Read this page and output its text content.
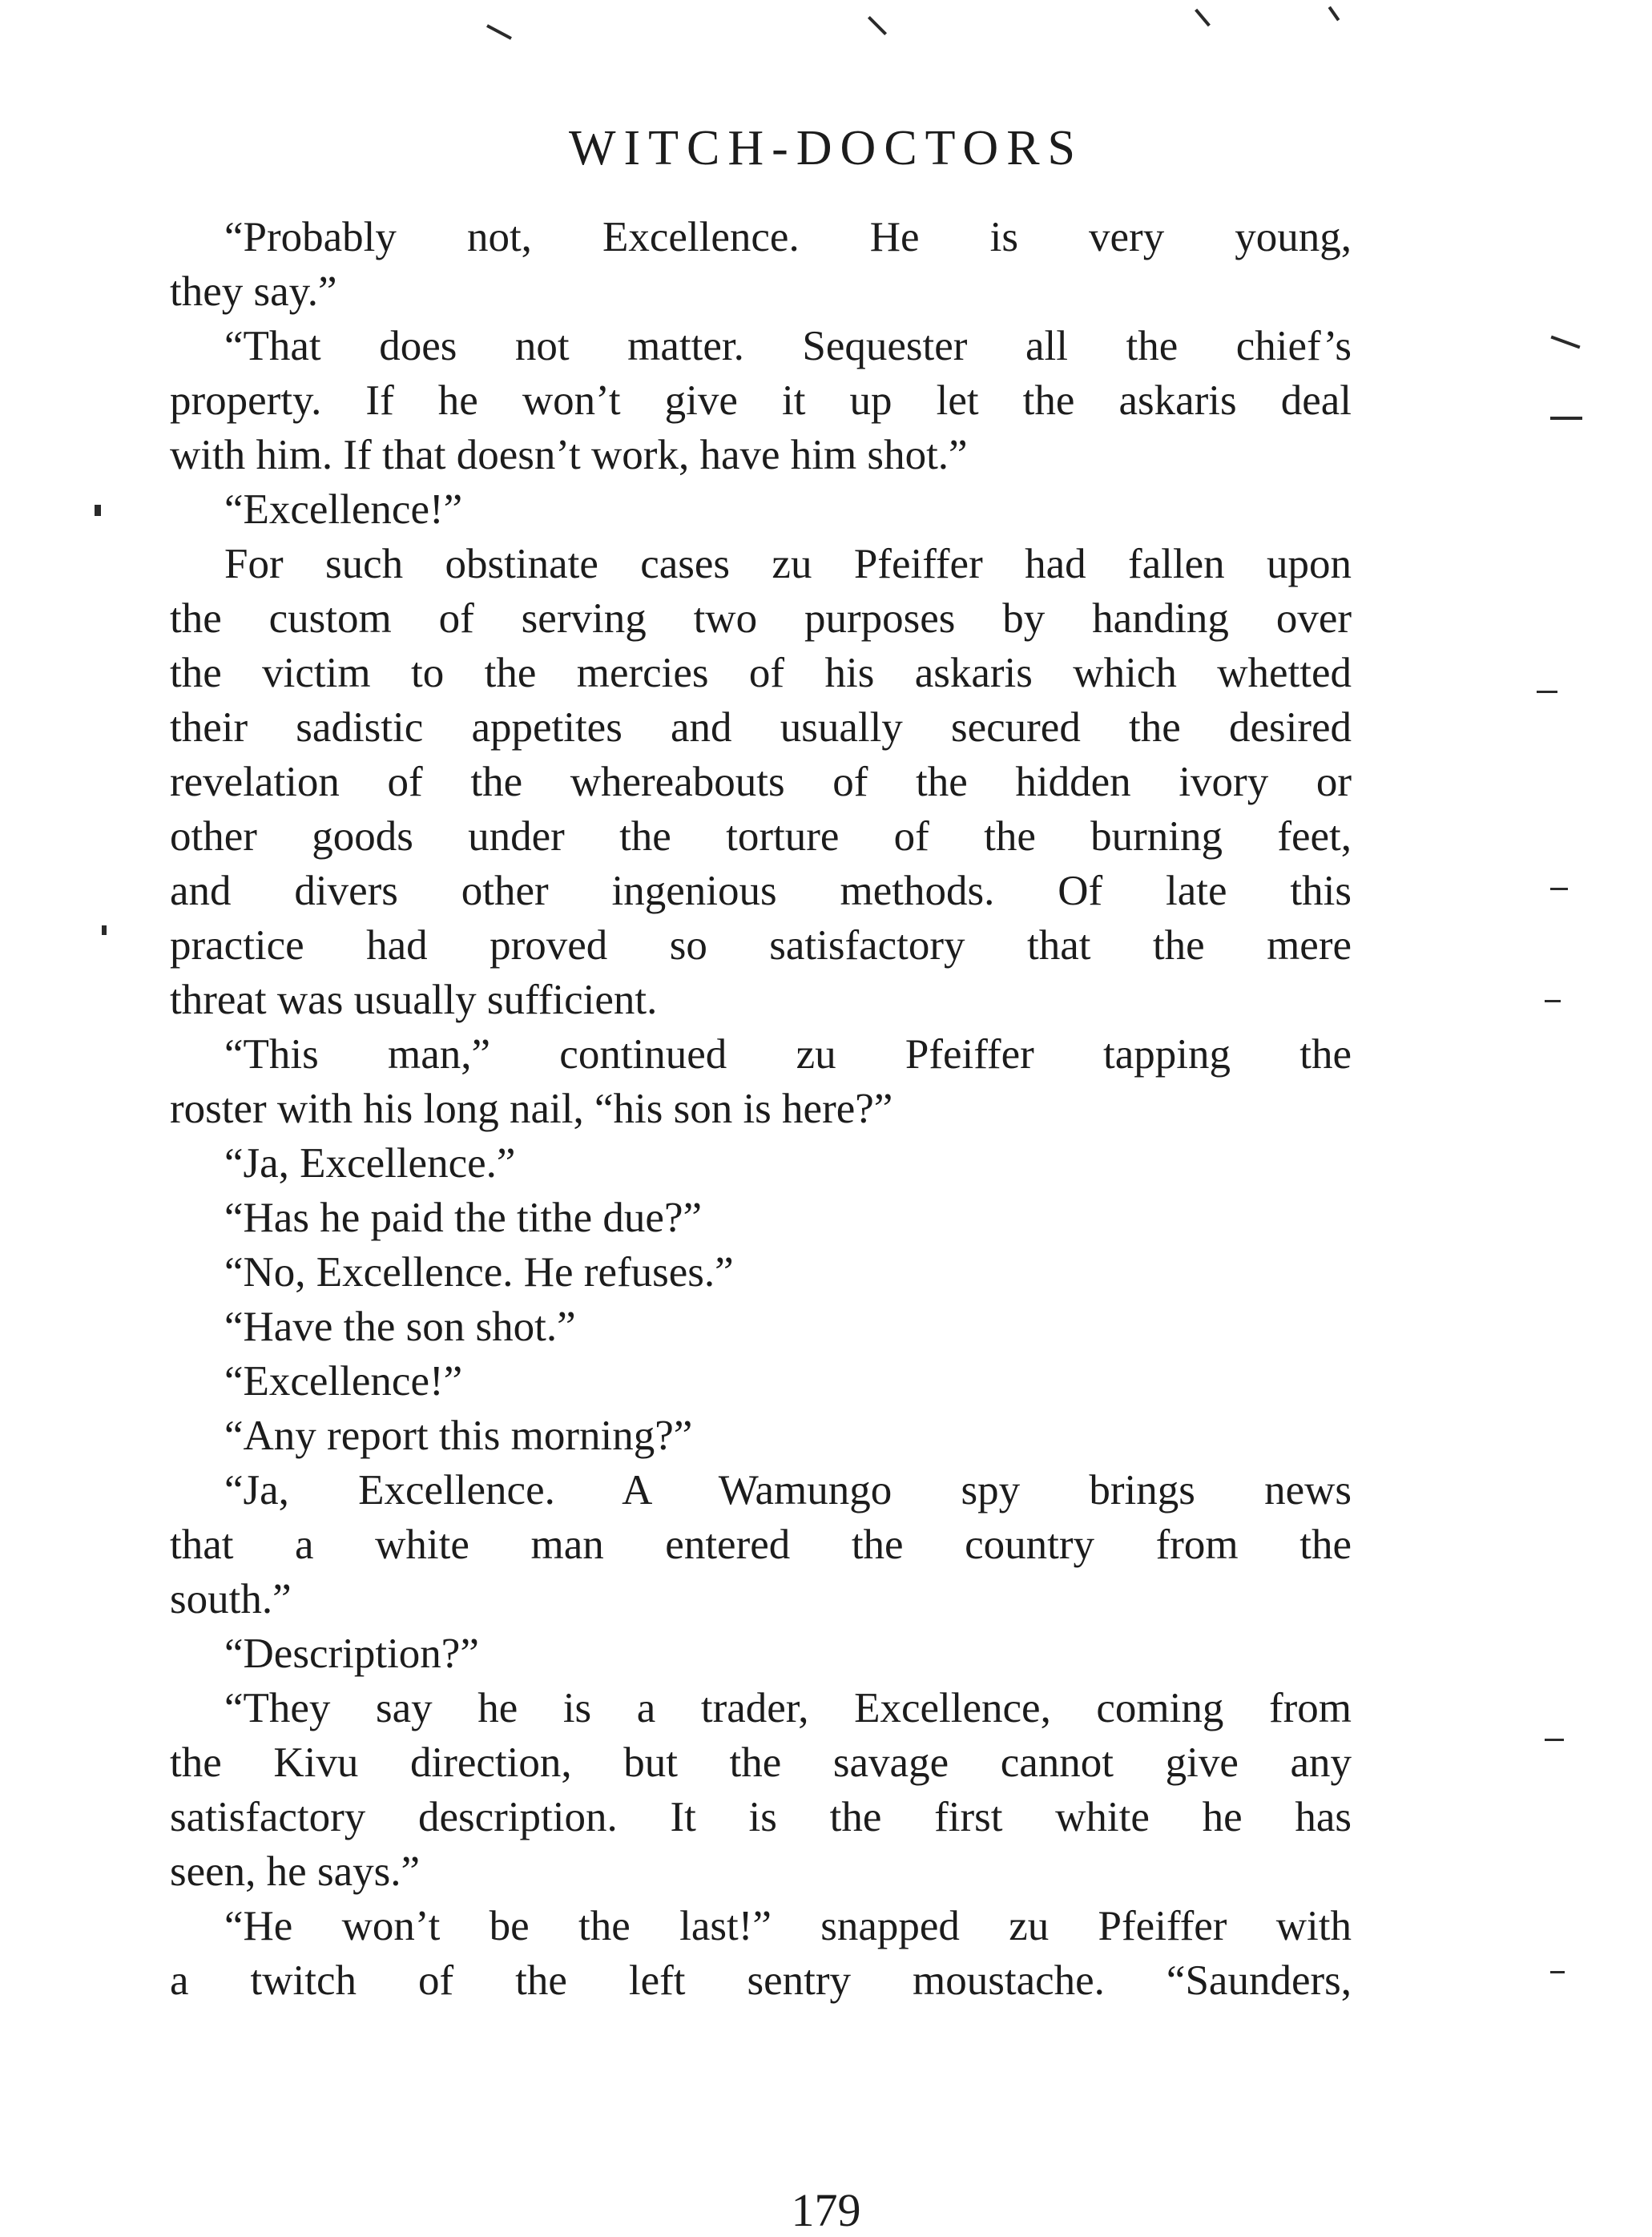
WITCH-DOCTORS
“Probably not, Excellence. He is very young,
they say.”
“That does not matter. Sequester all the chief’s
property. If he won’t give it up let the askaris deal
with him. If that doesn’t work, have him shot.”
“Excellence!”
For such obstinate cases zu Pfeiffer had fallen upon
the custom of serving two purposes by handing over
the victim to the mercies of his askaris which whetted
their sadistic appetites and usually secured the desired
revelation of the whereabouts of the hidden ivory or
other goods under the torture of the burning feet,
and divers other ingenious methods. Of late this
practice had proved so satisfactory that the mere
threat was usually sufficient.
“This man,” continued zu Pfeiffer tapping the
roster with his long nail, “his son is here?”
“Ja, Excellence.”
“Has he paid the tithe due?”
“No, Excellence. He refuses.”
“Have the son shot.”
“Excellence!”
“Any report this morning?”
“Ja, Excellence. A Wamungo spy brings news
that a white man entered the country from the
south.”
“Description?”
“They say he is a trader, Excellence, coming from
the Kivu direction, but the savage cannot give any
satisfactory description. It is the first white he has
seen, he says.”
“He won’t be the last!” snapped zu Pfeiffer with
a twitch of the left sentry moustache. “Saunders,
179
